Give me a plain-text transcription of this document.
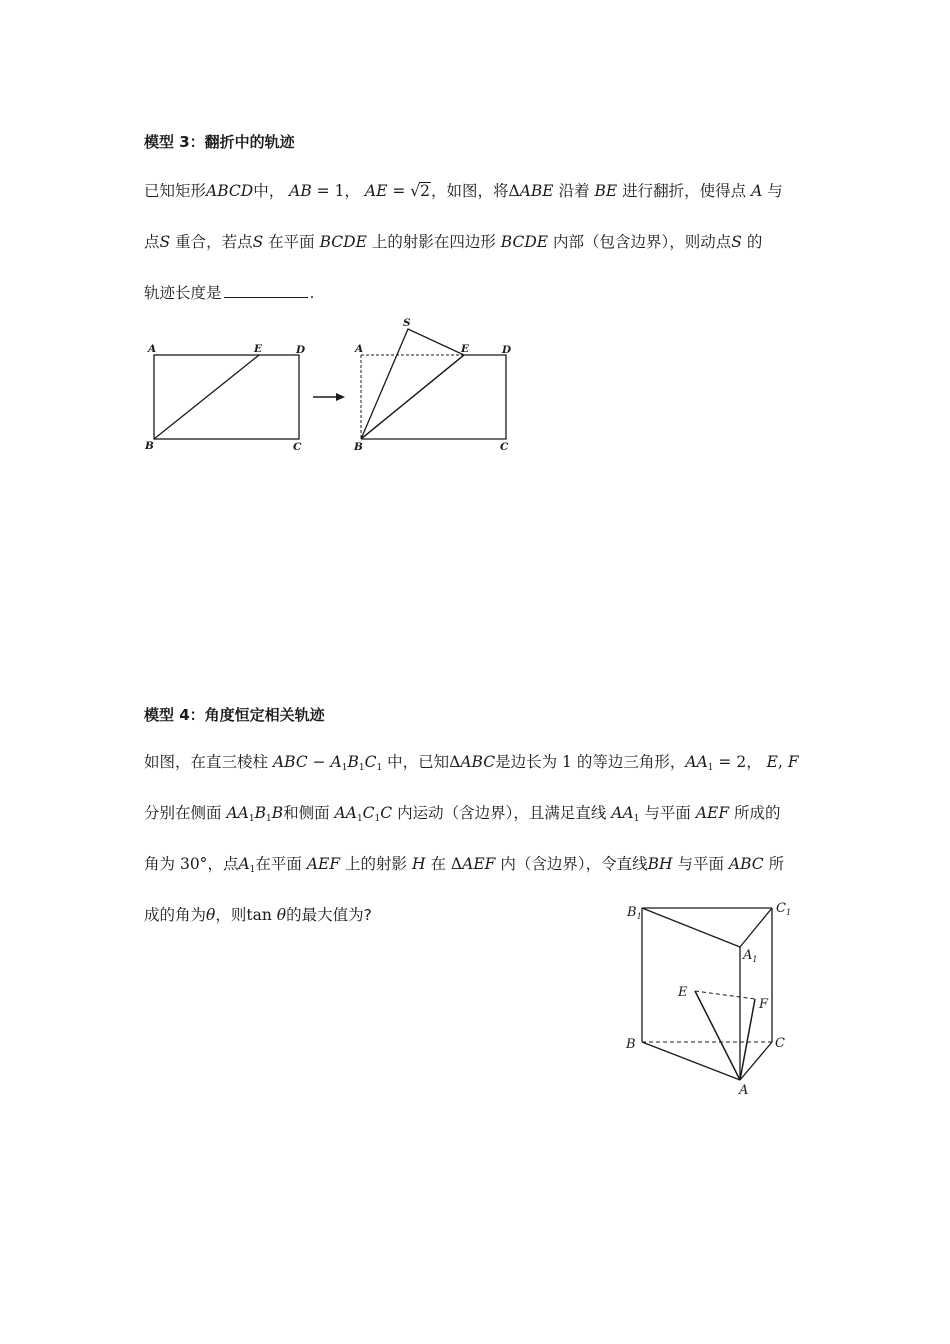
模型 3：翻折中的轨迹
已知矩形ABCD中， AB = 1， AE = √2，如图，将ΔABE 沿着 BE 进行翻折，使得点 A 与
点S 重合，若点S 在平面 BCDE 上的射影在四边形 BCDE 内部（包含边界），则动点S 的
轨迹长度是	.
A	E	D
B	C
S
A	E	D
B	C
模型 4：角度恒定相关轨迹
如图，在直三棱柱 ABC − $A_1B_1C_1$ 中，已知ΔABC是边长为 1 的等边三角形，$AA_1 = 2$， E, F
分别在侧面 $AA_1B_1B$和侧面 $AA_1C_1C$ 内运动（含边界），且满足直线 $AA_1$ 与平面 AEF 所成的
角为 30°，点$A_1$在平面 AEF 上的射影 H 在 ΔAEF 内（含边界），令直线BH 与平面 ABC 所
成的角为θ，则tan θ的最大值为?	$B_1$
$C_1$
$A_1$
E
F
B	C
A
